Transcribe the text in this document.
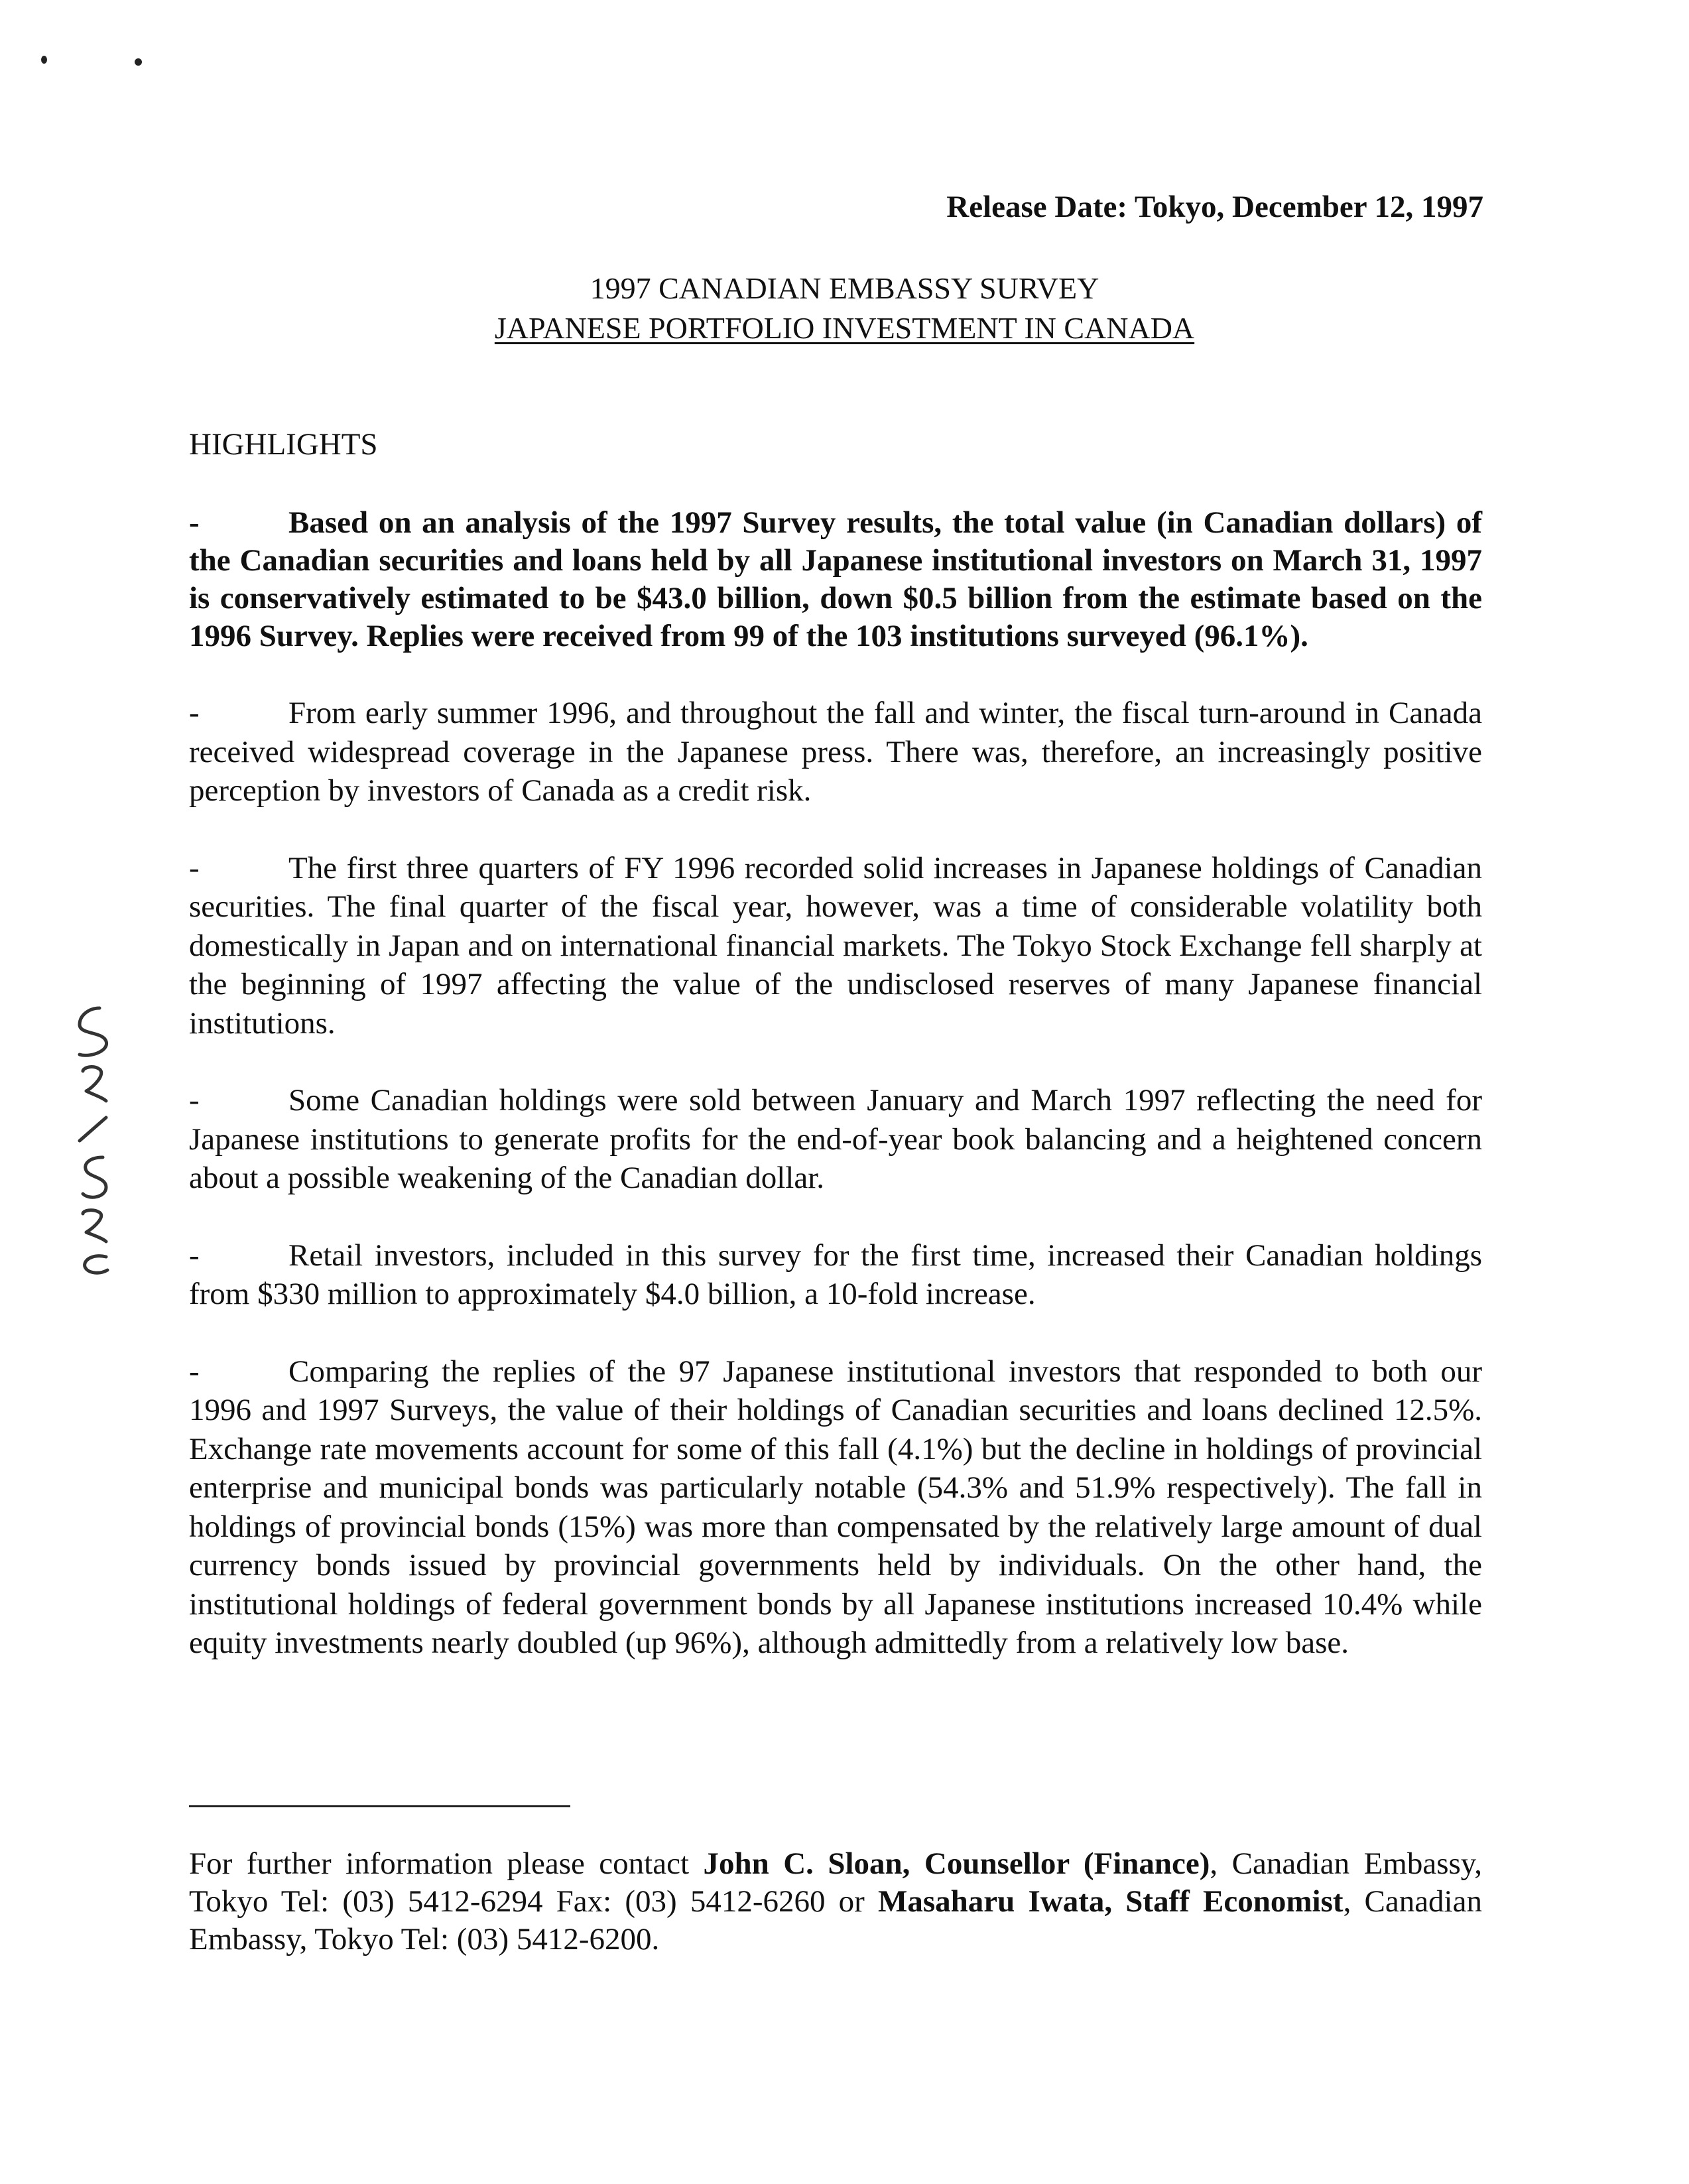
Release Date: Tokyo, December 12, 1997
1997 CANADIAN EMBASSY SURVEY
JAPANESE PORTFOLIO INVESTMENT IN CANADA
HIGHLIGHTS

-	Based on an analysis of the 1997 Survey results, the total value (in Canadian dollars) of the Canadian securities and loans held by all Japanese institutional investors on March 31, 1997 is conservatively estimated to be $43.0 billion, down $0.5 billion from the estimate based on the 1996 Survey. Replies were received from 99 of the 103 institutions surveyed (96.1%).

-	From early summer 1996, and throughout the fall and winter, the fiscal turn-around in Canada received widespread coverage in the Japanese press. There was, therefore, an increasingly positive perception by investors of Canada as a credit risk.

-	The first three quarters of FY 1996 recorded solid increases in Japanese holdings of Canadian securities. The final quarter of the fiscal year, however, was a time of considerable volatility both domestically in Japan and on international financial markets. The Tokyo Stock Exchange fell sharply at the beginning of 1997 affecting the value of the undisclosed reserves of many Japanese financial institutions.

-	Some Canadian holdings were sold between January and March 1997 reflecting the need for Japanese institutions to generate profits for the end-of-year book balancing and a heightened concern about a possible weakening of the Canadian dollar.

-	Retail investors, included in this survey for the first time, increased their Canadian holdings from $330 million to approximately $4.0 billion, a 10-fold increase.

-	Comparing the replies of the 97 Japanese institutional investors that responded to both our 1996 and 1997 Surveys, the value of their holdings of Canadian securities and loans declined 12.5%. Exchange rate movements account for some of this fall (4.1%) but the decline in holdings of provincial enterprise and municipal bonds was particularly notable (54.3% and 51.9% respectively). The fall in holdings of provincial bonds (15%) was more than compensated by the relatively large amount of dual currency bonds issued by provincial governments held by individuals. On the other hand, the institutional holdings of federal government bonds by all Japanese institutions increased 10.4% while equity investments nearly doubled (up 96%), although admittedly from a relatively low base.

For further information please contact John C. Sloan, Counsellor (Finance), Canadian Embassy, Tokyo Tel: (03) 5412-6294 Fax: (03) 5412-6260 or Masaharu Iwata, Staff Economist, Canadian Embassy, Tokyo Tel: (03) 5412-6200.
